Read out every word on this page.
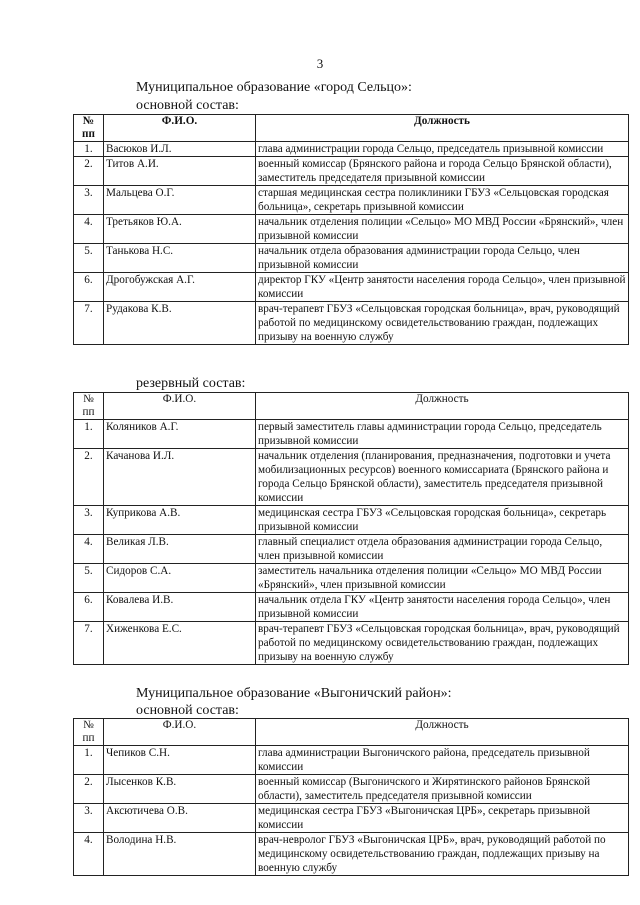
3
Муниципальное образование «город Сельцо»:
основной состав:
№ пп	Ф.И.О.	Должность
1.	Васюков И.Л.	глава администрации города Сельцо, председатель призывной комиссии
2.	Титов А.И.	военный комиссар (Брянского района и города Сельцо Брянской области), заместитель председателя призывной комиссии
3.	Мальцева О.Г.	старшая медицинская сестра поликлиники ГБУЗ «Сельцовская городская больница», секретарь призывной комиссии
4.	Третьяков Ю.А.	начальник отделения полиции «Сельцо» МО МВД России «Брянский», член призывной комиссии
5.	Танькова Н.С.	начальник отдела образования администрации города Сельцо, член призывной комиссии
6.	Дрогобужская А.Г.	директор ГКУ «Центр занятости населения города Сельцо», член призывной комиссии
7.	Рудакова К.В.	врач-терапевт ГБУЗ «Сельцовская городская больница», врач, руководящий работой по медицинскому освидетельствованию граждан, подлежащих призыву на военную службу
резервный состав:
№ пп	Ф.И.О.	Должность
1.	Коляников А.Г.	первый заместитель главы администрации города Сельцо, председатель призывной комиссии
2.	Качанова И.Л.	начальник отделения (планирования, предназначения, подготовки и учета мобилизационных ресурсов) военного комиссариата (Брянского района и города Сельцо Брянской области), заместитель председателя призывной комиссии
3.	Куприкова А.В.	медицинская сестра ГБУЗ «Сельцовская городская больница», секретарь призывной комиссии
4.	Великая Л.В.	главный специалист отдела образования администрации города Сельцо, член призывной комиссии
5.	Сидоров С.А.	заместитель начальника отделения полиции «Сельцо» МО МВД России «Брянский», член призывной комиссии
6.	Ковалева И.В.	начальник отдела ГКУ «Центр занятости населения города Сельцо», член призывной комиссии
7.	Хиженкова Е.С.	врач-терапевт ГБУЗ «Сельцовская городская больница», врач, руководящий работой по медицинскому освидетельствованию граждан, подлежащих призыву на военную службу
Муниципальное образование «Выгоничский район»:
основной состав:
№ пп	Ф.И.О.	Должность
1.	Чепиков С.Н.	глава администрации Выгоничского района, председатель призывной комиссии
2.	Лысенков К.В.	военный комиссар (Выгоничского и Жирятинского районов Брянской области), заместитель председателя призывной комиссии
3.	Аксютичева О.В.	медицинская сестра ГБУЗ «Выгоничская ЦРБ», секретарь призывной комиссии
4.	Володина Н.В.	врач-невролог ГБУЗ «Выгоничская ЦРБ», врач, руководящий работой по медицинскому освидетельствованию граждан, подлежащих призыву на военную службу
